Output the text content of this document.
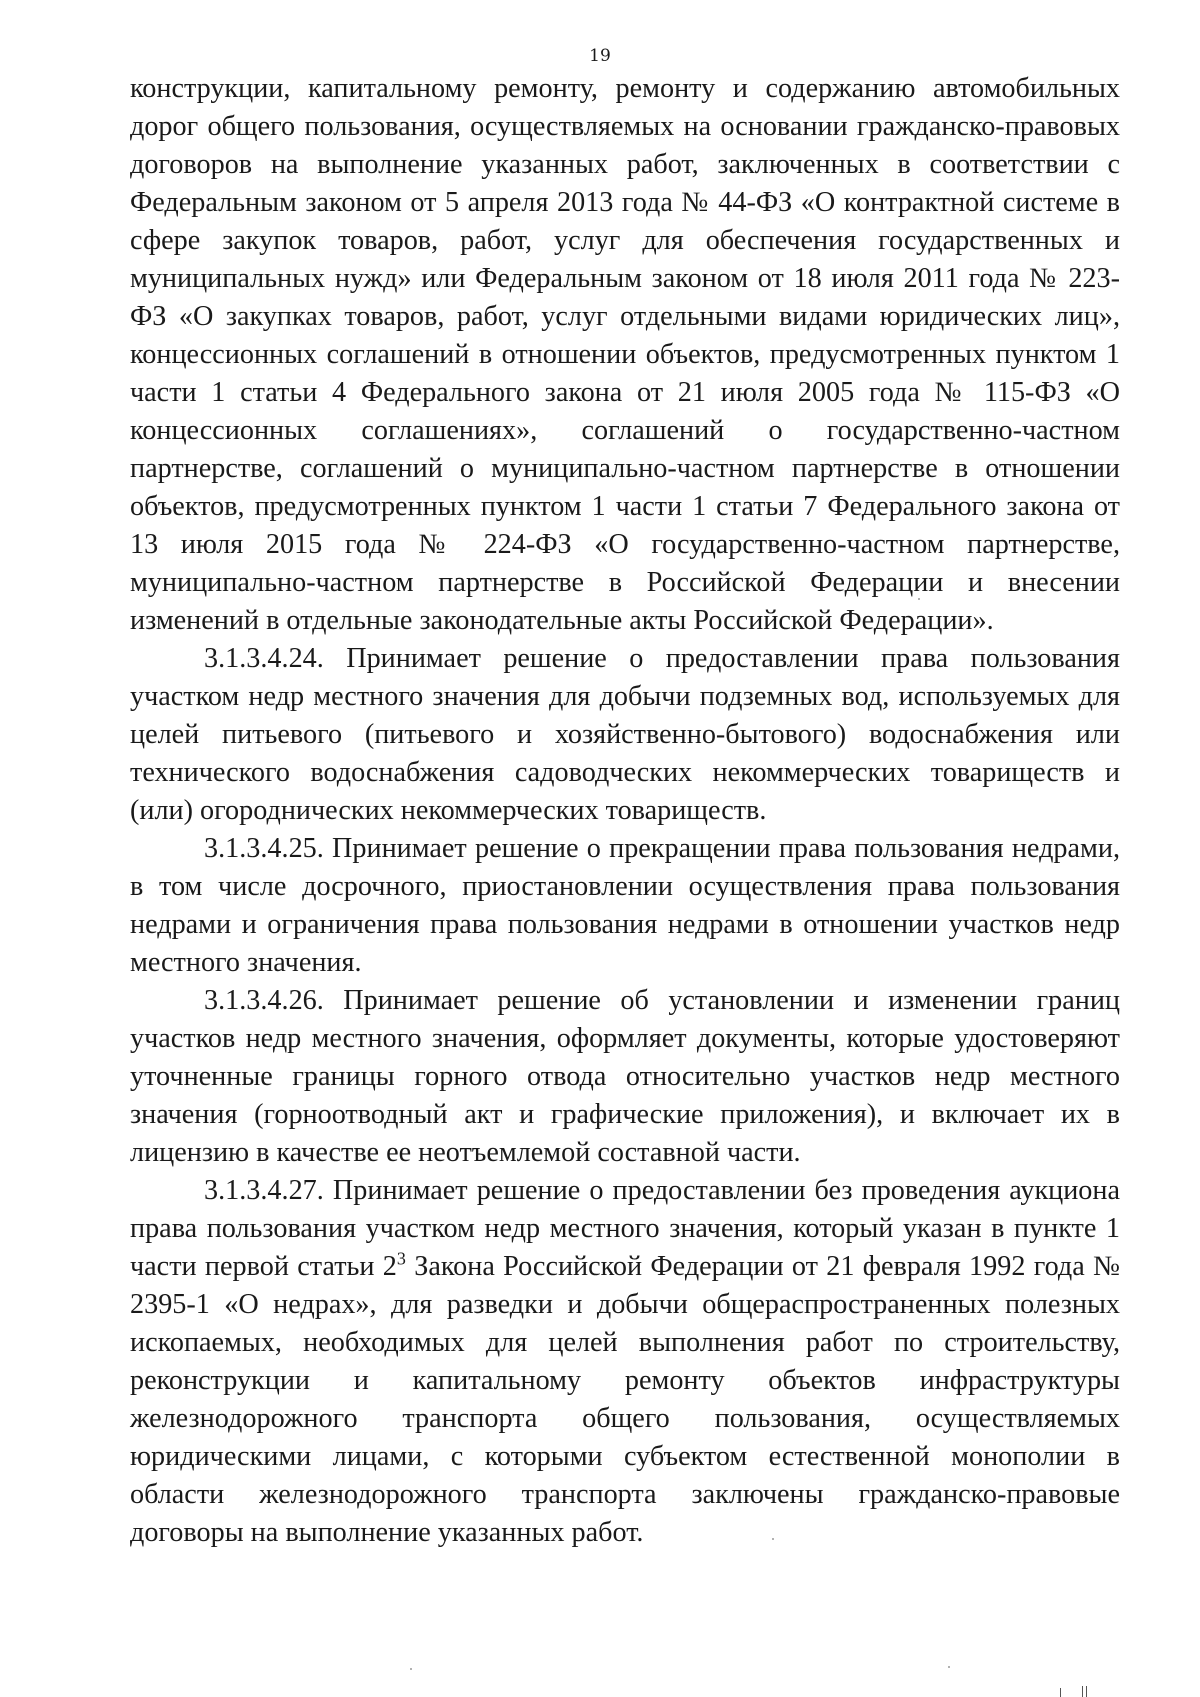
19

конструкции, капитальному ремонту, ремонту и содержанию автомобильных дорог общего пользования, осуществляемых на основании гражданско-правовых договоров на выполнение указанных работ, заключенных в соответствии с Федеральным законом от 5 апреля 2013 года № 44-ФЗ «О контрактной системе в сфере закупок товаров, работ, услуг для обеспечения государственных и муниципальных нужд» или Федеральным законом от 18 июля 2011 года № 223-ФЗ «О закупках товаров, работ, услуг отдельными видами юридических лиц», концессионных соглашений в отношении объектов, предусмотренных пунктом 1 части 1 статьи 4 Федерального закона от 21 июля 2005 года № 115-ФЗ «О концессионных соглашениях», соглашений о государственно-частном партнерстве, соглашений о муниципально-частном партнерстве в отношении объектов, предусмотренных пунктом 1 части 1 статьи 7 Федерального закона от 13 июля 2015 года № 224-ФЗ «О государственно-частном партнерстве, муниципально-частном партнерстве в Российской Федерации и внесении изменений в отдельные законодательные акты Российской Федерации».

3.1.3.4.24. Принимает решение о предоставлении права пользования участком недр местного значения для добычи подземных вод, используемых для целей питьевого (питьевого и хозяйственно-бытового) водоснабжения или технического водоснабжения садоводческих некоммерческих товариществ и (или) огороднических некоммерческих товариществ.

3.1.3.4.25. Принимает решение о прекращении права пользования недрами, в том числе досрочного, приостановлении осуществления права пользования недрами и ограничения права пользования недрами в отношении участков недр местного значения.

3.1.3.4.26. Принимает решение об установлении и изменении границ участков недр местного значения, оформляет документы, которые удостоверяют уточненные границы горного отвода относительно участков недр местного значения (горноотводный акт и графические приложения), и включает их в лицензию в качестве ее неотъемлемой составной части.

3.1.3.4.27. Принимает решение о предоставлении без проведения аукциона права пользования участком недр местного значения, который указан в пункте 1 части первой статьи $2^3$ Закона Российской Федерации от 21 февраля 1992 года № 2395-1 «О недрах», для разведки и добычи общераспространенных полезных ископаемых, необходимых для целей выполнения работ по строительству, реконструкции и капитальному ремонту объектов инфраструктуры железнодорожного транспорта общего пользования, осуществляемых юридическими лицами, с которыми субъектом естественной монополии в области железнодорожного транспорта заключены гражданско-правовые договоры на выполнение указанных работ.
